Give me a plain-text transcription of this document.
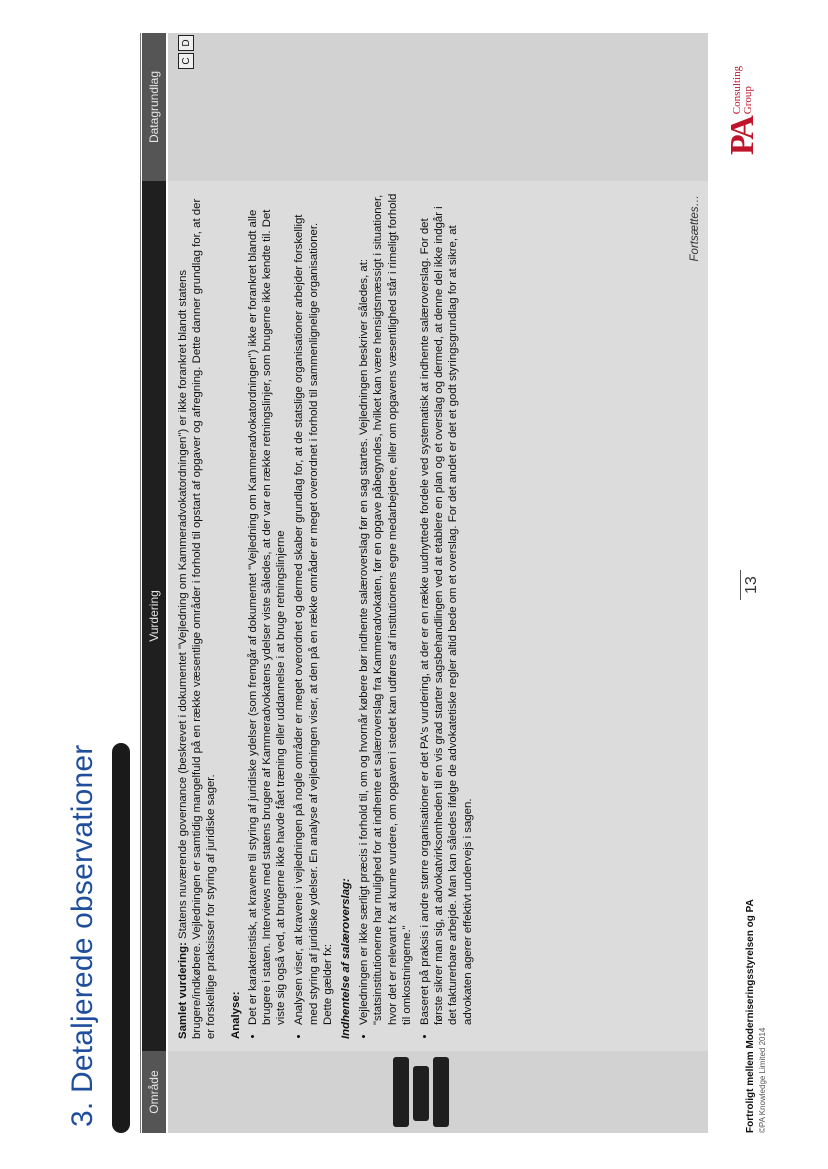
3. Detaljerede observationer	Område
Vurdering
Datagrundlag

Samlet vurdering: Statens nuværende governance (beskrevet i dokumentet "Vejledning om Kammeradvokatordningen") er ikke forankret blandt statens brugere/indkøbere. Vejledningen er samtidig mangelfuld på en række væsentlige områder i forhold til opstart af opgaver og afregning. Dette danner grundlag for, at der er forskellige praksisser for styring af juridiske sager. Analyse: • Det er karakteristisk, at kravene til styring af juridiske ydelser (som fremgår af dokumentet "Vejledning om Kammeradvokatordningen") ikke er forankret blandt alle brugere i staten. Interviews med statens brugere af Kammeradvokatens ydelser viste således, at der var en række retningslinjer, som brugerne ikke kendte til. Det viste sig også ved, at brugerne ikke havde fået træning eller uddannelse i at bruge retningslinjerne • Analysen viser, at kravene i vejledningen på nogle områder er meget overordnet og dermed skaber grundlag for, at de statslige organisationer arbejder forskelligt med styring af juridiske ydelser. En analyse af vejledningen viser, at den på en række områder er meget overordnet i forhold til sammenlignelige organisationer. Dette gælder fx: Indhentelse af salæroverslag: • Vejledningen er ikke særligt præcis i forhold til, om og hvornår købere bør indhente salæroverslag før en sag startes. Vejledningen beskriver således, at: "statsinstitutionerne har mulighed for at indhente et salæroverslag fra Kammeradvokaten, før en opgave påbegyndes, hvilket kan være hensigtsmæssigt i situationer, hvor det er relevant fx at kunne vurdere, om opgaven i stedet kan udføres af institutionens egne medarbejdere, eller om opgavens væsentlighed står i rimeligt forhold til omkostningerne." • Baseret på praksis i andre større organisationer er det PA's vurdering, at der er en række uudnyttede fordele ved systematisk at indhente salæroverslag. For det første sikrer man sig, at advokatvirksomheden til en vis grad starter sagsbehandlingen ved at etablere en plan og et overslag og dermed, at denne del ikke indgår i det fakturerbare arbejde. Man kan således ifølge de advokatetiske regler altid bede om et overslag. For det andet er det et godt styringsgrundlag for at sikre, at advokaten agerer effektivt undervejs i sagen.
Fortsættes…
C
D
Fortroligt mellem Moderniseringsstyrelsen og PA ©PA Knowledge Limited 2014
13
PA
Consulting Group
